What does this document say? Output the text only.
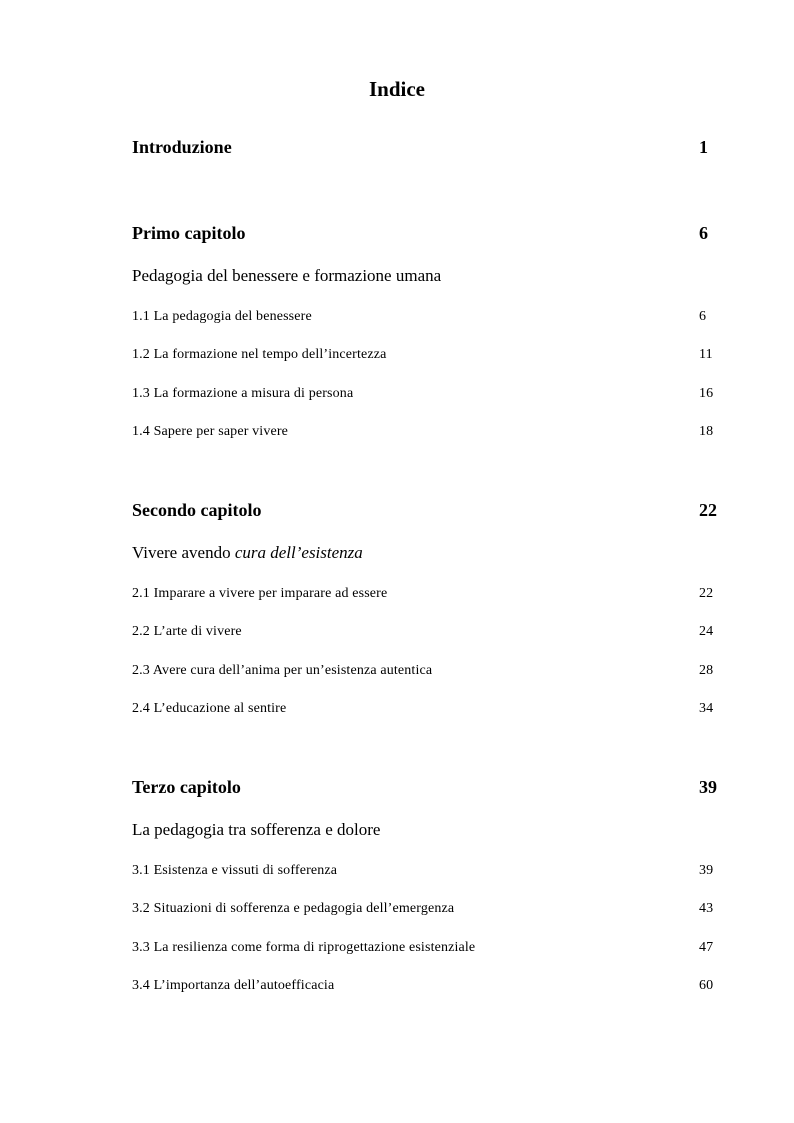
Indice
Introduzione	1
Primo capitolo	6
Pedagogia del benessere e formazione umana
1.1 La pedagogia del benessere	6
1.2 La formazione nel tempo dell’incertezza	11
1.3 La formazione a misura di persona	16
1.4 Sapere per saper vivere	18
Secondo capitolo	22
Vivere avendo cura dell’esistenza
2.1 Imparare a vivere per imparare ad essere	22
2.2 L’arte di vivere	24
2.3 Avere cura dell’anima per un’esistenza autentica	28
2.4 L’educazione al sentire	34
Terzo capitolo	39
La pedagogia tra sofferenza e dolore
3.1 Esistenza e vissuti di sofferenza	39
3.2 Situazioni di sofferenza e pedagogia dell’emergenza	43
3.3 La resilienza come forma di riprogettazione esistenziale	47
3.4 L’importanza dell’autoefficacia	60
